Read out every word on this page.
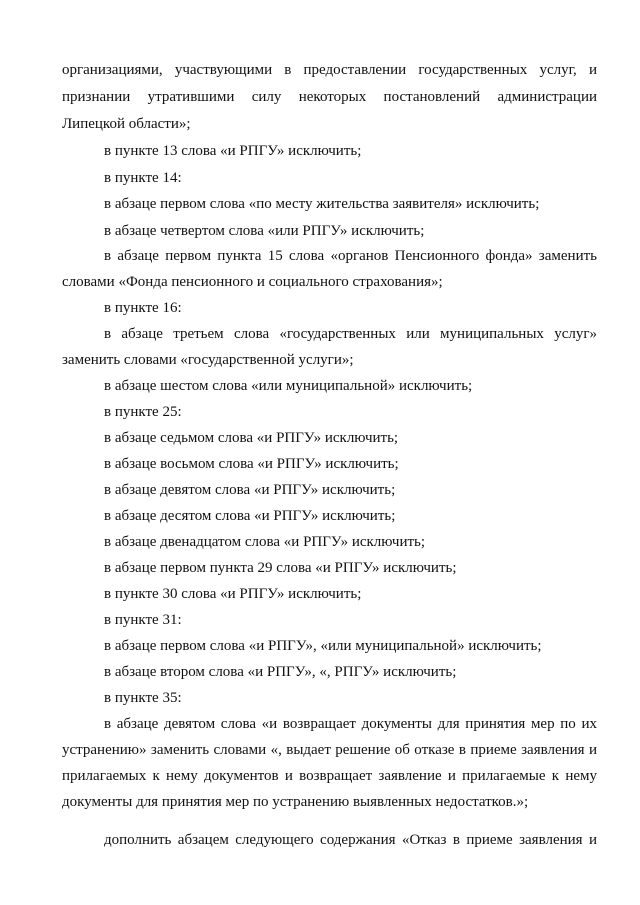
организациями, участвующими в предоставлении государственных услуг, и
признании утратившими силу некоторых постановлений администрации
Липецкой области»;
в пункте 13 слова «и РПГУ» исключить;
в пункте 14:
в абзаце первом слова «по месту жительства заявителя» исключить;
в абзаце четвертом слова «или РПГУ» исключить;
в абзаце первом пункта 15 слова «органов Пенсионного фонда» заменить
словами «Фонда пенсионного и социального страхования»;
в пункте 16:
в абзаце третьем слова «государственных или муниципальных услуг»
заменить словами «государственной услуги»;
в абзаце шестом слова «или муниципальной» исключить;
в пункте 25:
в абзаце седьмом слова «и РПГУ» исключить;
в абзаце восьмом слова «и РПГУ» исключить;
в абзаце девятом слова «и РПГУ» исключить;
в абзаце десятом слова «и РПГУ» исключить;
в абзаце двенадцатом слова «и РПГУ» исключить;
в абзаце первом пункта 29 слова «и РПГУ» исключить;
в пункте 30 слова «и РПГУ» исключить;
в пункте 31:
в абзаце первом слова «и РПГУ», «или муниципальной» исключить;
в абзаце втором слова «и РПГУ», «, РПГУ» исключить;
в пункте 35:
в абзаце девятом слова «и возвращает документы для принятия мер по их
устранению» заменить словами «, выдает решение об отказе в приеме заявления и
прилагаемых к нему документов и возвращает заявление и прилагаемые к нему
документы для принятия мер по устранению выявленных недостатков.»;
дополнить абзацем следующего содержания «Отказ в приеме заявления и
